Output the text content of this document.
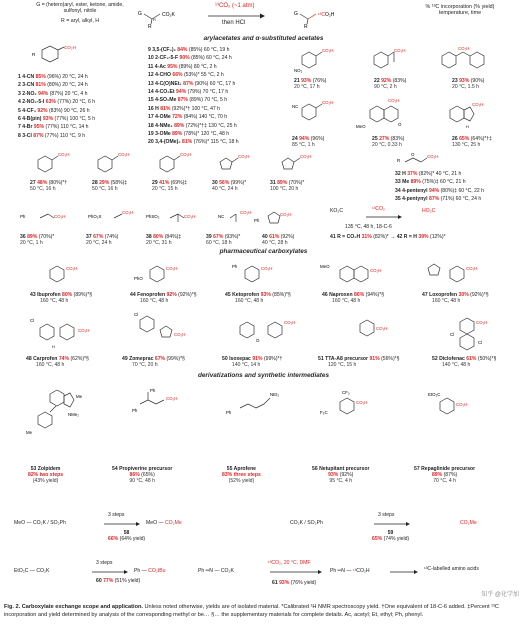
G = (hetero)aryl, ester, ketone, amide, sulfonyl, nitrile
R = aryl, alkyl, H
G	CO₂K
R
R
¹³CO₂ (~1 atm)
then HCl
G	¹³CO₂H
R
% ¹³C incorporation (% yield)
temperature, time
arylacetates and α-substituted acetates
CO₂H
R
1 4-CN 85% (96%) 20 °C, 24 h
2 3-CN 81% (80%) 20 °C, 24 h
3 2-NO₂ 94% (87%) 20 °C, 4 h
4 2-NO₂-5-I 63% (77%) 20 °C, 6 h
5 4-CF₃ 92% (83%) 90 °C, 26 h
6 4-B(pin) 93% (77%) 100 °C, 5 h
7 4-Br 95% (77%) 110 °C, 14 h
8 3-Cl 87% (77%) 110 °C, 9 h
9 3,5-(CF₃)₂ 84% (85%) 60 °C, 19 h
10 2-CF₃-5-F 90% (85%) 60 °C, 24 h
11 4-Ac 95% (89%) 80 °C, 2 h
12 4-CHO 66% (53%)* 55 °C, 2 h
13 4-C(O)NEt₂ 87% (90%) 60 °C, 17 h
14 4-CO₂Et 94% (79%) 70 °C, 17 h
15 4-SO₂Me 87% (89%) 70 °C, 5 h
16 H 81% (92%)*† 100 °C, 47 h
17 4-OMe 72% (84%) 140 °C, 70 h
18 4-NMe₂ 89% (72%)*†‡ 130 °C, 25 h
19 3-OMe 89% (78%)* 120 °C, 48 h
20 3,4-(OMe)₂ 81% (76%)* 115 °C, 18 h
CO₂H
NO₂
CO₂H	CO₂H
21 93% (76%)
20 °C, 17 h
22 92% (83%)
90 °C, 2 h
23 93% (90%)
20 °C, 1.5 h
NC
CO₂H	CO₂H
MeO	O
CO₂H
H
24 94% (96%)
85 °C, 1 h
25 27% (83%)
20 °C, 0.33 h
26 65% (64%)*†‡
130 °C, 25 h
CO₂H	CO₂H	CO₂H	CO₂H	CO₂H
27 48% (80%)*†
50 °C, 16 h
28 29% (58%)‡
50 °C, 16 h
29 41% (69%)‡
20 °C, 15 h
30 56% (99%)*
40 °C, 24 h
31 89% (70%)*
100 °C, 20 h
R
O	CO₂H
32 H 37% (82%)* 40 °C, 21 h
33 Me 89% (75%)‡ 60 °C, 21 h
34 4-pentenyl 94% (80%)‡ 60 °C, 22 h
35 4-pentynyl 87% (71%) 60 °C, 24 h
Ph	CO₂H	PhO₂S
CO₂H
PhSO₂	CO₂H	NC
CO₂H
Ph
CO₂H
36 89% (70%)*
20 °C, 1 h
37 67% (74%)
20 °C, 24 h
38 80% (84%)‡
20 °C, 31 h
39 67% (93%)*
60 °C, 18 h
40 61% (92%)
40 °C, 28 h
KO₂C	¹³CO₂	HO₂C
135 °C, 48 h, 18-C-6
41 R = CO₂H 31% (82%)* → 42 R = H 39% (12%)*
pharmaceutical carboxylates
CO₂H	CO₂H
PhO
CO₂H
Ph	MeO
CO₂H	CO₂H
43 Ibuprofen 80% (89%)*§
160 °C, 48 h
44 Fenoprofen 92% (92%)*§
160 °C, 48 h
45 Ketoprofen 93% (85%)*§
160 °C, 48 h
46 Naproxen 86% (94%)*§
160 °C, 48 h
47 Loxoprofen 30% (92%)*§
160 °C, 48 h
Cl
CO₂H
H
Cl
CO₂H
CO₂H
O
CO₂H
CO₂H
Cl
Cl
48 Carprofen 74% (62%)*§
160 °C, 48 h
49 Zomeprac 67% (99%)*§
70 °C, 20 h
50 Isoxepac 91% (99%)*†
140 °C, 14 h
51 TTA-A8 precursor 91% (56%)*§
120 °C, 15 h
52 Diclofenac 61% (50%)*§
140 °C, 48 h
derivatizations and synthetic intermediates
Me
NMe₂
Me
CO₂H
Ph
Ph
NEt₂
Ph
CF₃
F₃C
CO₂H
EtO₂C
CO₂H
53 Zolpidem
82% two steps
(43% yield)
54 Propiverine precursor
86% (65%)
90 °C, 48 h
55 Aprofene
83% three steps
(52% yield)
56 Netupitant precursor
93% (92%)
95 °C, 4 h
57 Repaglinide precursor
89% (87%)
70 °C, 4 h
MeO — CO₂K / SO₂Ph
3 steps
MeO — CO₂Me
58
66% (64% yield)
CO₂K / SO₂Ph
3 steps
CO₂Me
59
65% (74% yield)
EtO₂C — CO₂K
3 steps
Ph — CO₂tBu
60 77% (51% yield)
Ph ═N — CO₂K
¹³CO₂, 20 °C, DMF
Ph ═N — ¹³CO₂H	¹³C-labelled amino acids
61 93% (76% yield)
Fig. 2. Carboxylate exchange scope and application. Unless noted otherwise, yields are of isolated material. *Calibrated ¹H NMR spectroscopy yield. †One equivalent of 18-C-6 added. ‡Percent ¹³C incorporation and yield determined by analysis of the corresponding methyl or be… §… the supplementary materials for complete details. Ac, acetyl; Et, ethyl; Ph, phenyl.
知乎 @化学加
